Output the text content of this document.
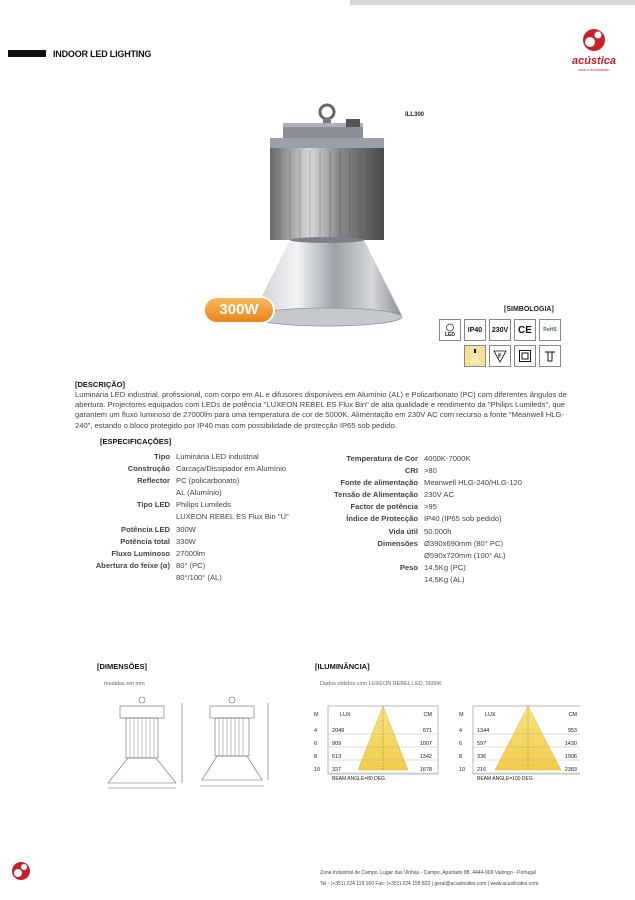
INDOOR LED LIGHTING
acústica
som e iluminação
ILL300
300W	[SIMBOLOGIA]
LED
IP40	230V CE	RoHS
F
[DESCRIÇÃO]
Luminária LED industrial, profissional, com corpo em AL e difusores disponíveis em Alumínio (AL) e Policarbonato (PC) com diferentes ângulos de abertura. Projectores equipados com LEDs de potência "LUXEON REBEL ES Flux Bin" de alta qualidade e rendimento da "Philips Lumileds", que garantem um fluxo luminoso de 27000lm para uma temperatura de cor de 5000K. Alimentação em 230V AC com recurso a fonte "Meanwell HLG-240", estando o bloco protegido por IP40 mas com possibilidade de protecção IP65 sob pedido.
[ESPECIFICAÇÕES]
Tipo Luminária LED industrial
Construção Carcaça/Dissipador em Alumínio
Reflector PC (policarbonato)
AL (Alumínio)
Tipo LED Philips Lumileds
LUXEON REBEL ES Flux Bin "U"
Potência LED 300W
Potência total 330W
Fluxo Luminoso 27000lm
Abertura do feixe (α) 80° (PC)
80°/100° (AL)
Temperatura de Cor 4000K-7000K
CRI >80
Fonte de alimentação Meanwell HLG-240/HLG-120
Tensão de Alimentação 230V AC
Factor de potência >95
Índice de Protecção IP40 (IP65 sob pedido)
Vida útil 50.000h
Dimensões Ø390x690mm (80° PC)
Ø590x720mm (100° AL)
Peso 14,5Kg (PC)
14,5Kg (AL)
[DIMENSÕES]
medidas em mm
[ILUMINÂNCIA]
Dados obtidos com LUXEON REBEL LED, 5500K
M	LUX	CM
4	2049	671
6	909	1007
8	513	1342
10 327	1678
BEAM ANGLE=80 DEG
M	LUX	CM
4	1344	953
6	597	1430
8	336	1906
10 216	2383
BEAM ANGLE=100 DEG
Zona Industrial de Campo, Lugar das Vinhas - Campo, Apartado 88, 4444-909 Valongo - Portugal
Tel : (+351) 224 119 160 Fax: (+351) 224 155 822 | geral@acusticafes.com | www.acusticafes.com
